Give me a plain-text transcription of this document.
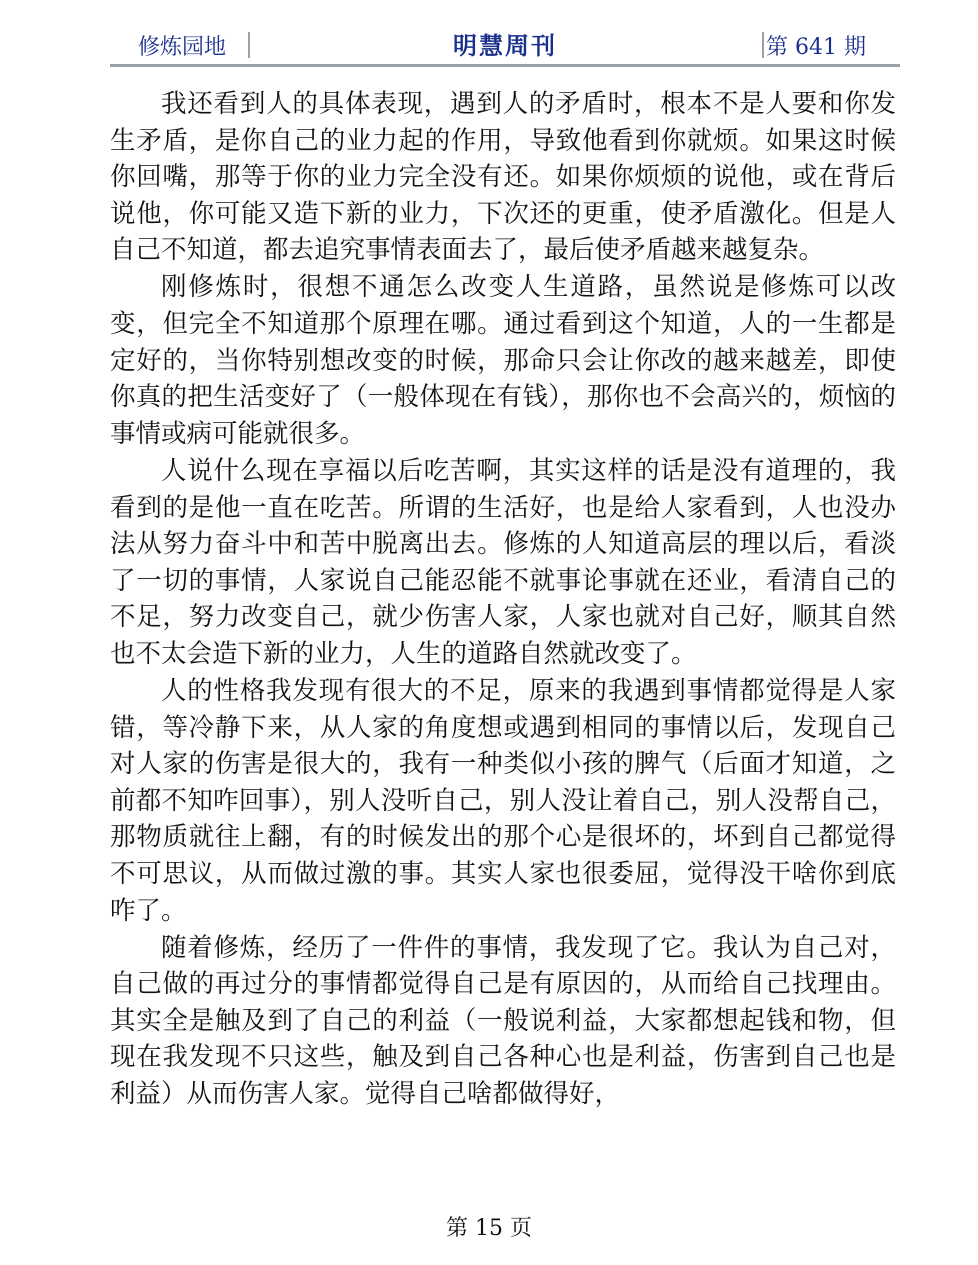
修炼园地	明慧周刊	第 641 期

我还看到人的具体表现，遇到人的矛盾时，根本不是人要和你发生矛盾，是你自己的业力起的作用，导致他看到你就烦。如果这时候你回嘴，那等于你的业力完全没有还。如果你烦烦的说他，或在背后说他，你可能又造下新的业力，下次还的更重，使矛盾激化。但是人自己不知道，都去追究事情表面去了，最后使矛盾越来越复杂。

刚修炼时，很想不通怎么改变人生道路，虽然说是修炼可以改变，但完全不知道那个原理在哪。通过看到这个知道，人的一生都是定好的，当你特别想改变的时候，那命只会让你改的越来越差，即使你真的把生活变好了（一般体现在有钱），那你也不会高兴的，烦恼的事情或病可能就很多。

人说什么现在享福以后吃苦啊，其实这样的话是没有道理的，我看到的是他一直在吃苦。所谓的生活好，也是给人家看到，人也没办法从努力奋斗中和苦中脱离出去。修炼的人知道高层的理以后，看淡了一切的事情，人家说自己能忍能不就事论事就在还业，看清自己的不足，努力改变自己，就少伤害人家，人家也就对自己好，顺其自然也不太会造下新的业力，人生的道路自然就改变了。

人的性格我发现有很大的不足，原来的我遇到事情都觉得是人家错，等冷静下来，从人家的角度想或遇到相同的事情以后，发现自己对人家的伤害是很大的，我有一种类似小孩的脾气（后面才知道，之前都不知咋回事），别人没听自己，别人没让着自己，别人没帮自己，那物质就往上翻，有的时候发出的那个心是很坏的，坏到自己都觉得不可思议，从而做过激的事。其实人家也很委屈，觉得没干啥你到底咋了。

随着修炼，经历了一件件的事情，我发现了它。我认为自己对，自己做的再过分的事情都觉得自己是有原因的，从而给自己找理由。其实全是触及到了自己的利益（一般说利益，大家都想起钱和物，但现在我发现不只这些，触及到自己各种心也是利益，伤害到自己也是利益）从而伤害人家。觉得自己啥都做得好，

第 15 页
